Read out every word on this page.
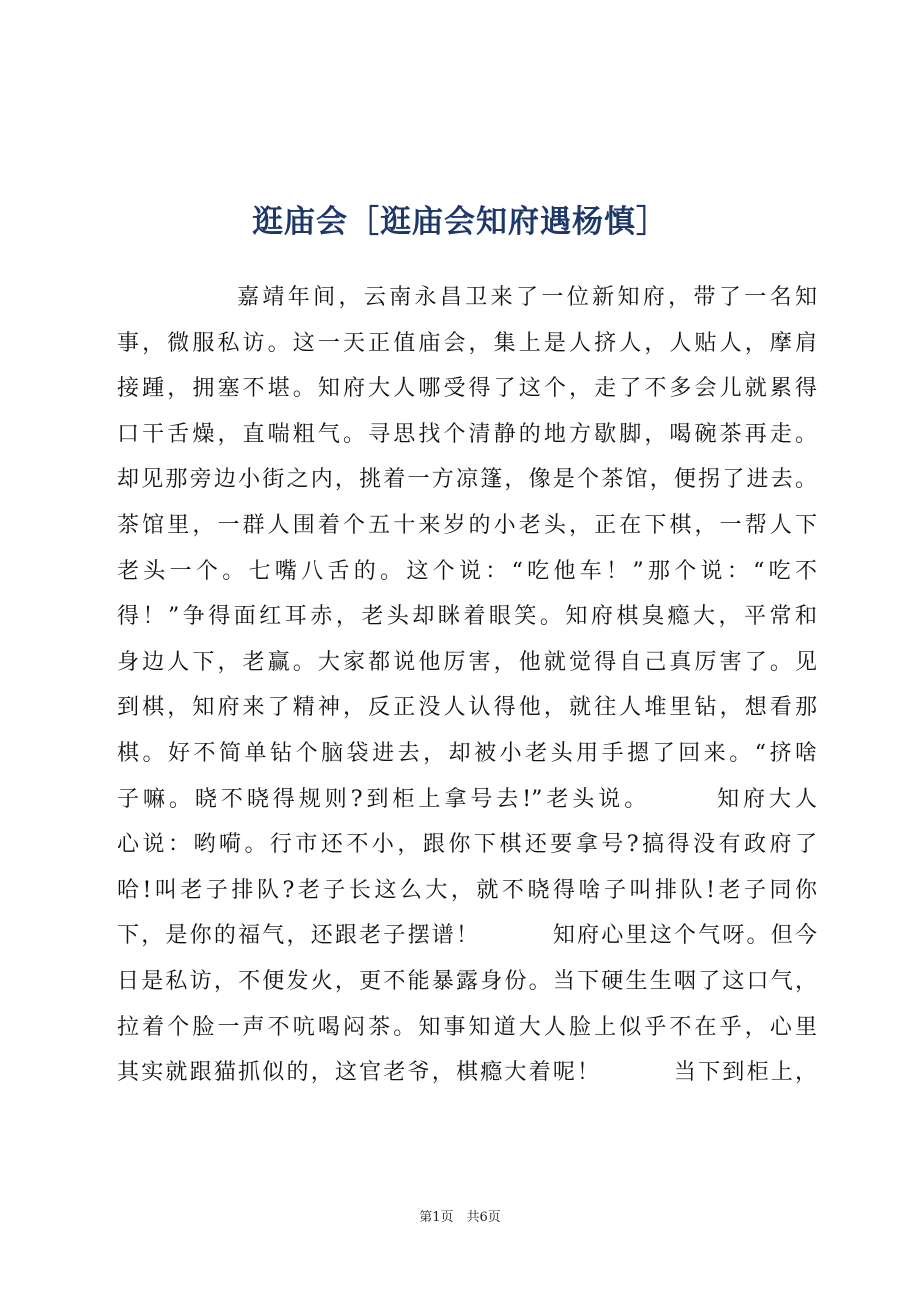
逛庙会［逛庙会知府遇杨慎］
嘉靖年间，云南永昌卫来了一位新知府，带了一名知
事，微服私访。这一天正值庙会，集上是人挤人，人贴人，摩肩
接踵，拥塞不堪。知府大人哪受得了这个，走了不多会儿就累得
口干舌燥，直喘粗气。寻思找个清静的地方歇脚，喝碗茶再走。
却见那旁边小街之内，挑着一方凉篷，像是个茶馆，便拐了进去。
茶馆里，一群人围着个五十来岁的小老头，正在下棋，一帮人下
老头一个。七嘴八舌的。这个说：“吃他车！”那个说：“吃不
得！”争得面红耳赤，老头却眯着眼笑。知府棋臭瘾大，平常和
身边人下，老赢。大家都说他厉害，他就觉得自己真厉害了。见
到棋，知府来了精神，反正没人认得他，就往人堆里钻，想看那
棋。好不简单钻个脑袋进去，却被小老头用手摁了回来。“挤啥
子嘛。晓不晓得规则?到柜上拿号去!”老头说。　　　知府大人
心说：哟嗬。行市还不小，跟你下棋还要拿号?搞得没有政府了
哈!叫老子排队?老子长这么大，就不晓得啥子叫排队!老子同你
下，是你的福气，还跟老子摆谱！　　　知府心里这个气呀。但今
日是私访，不便发火，更不能暴露身份。当下硬生生咽了这口气，
拉着个脸一声不吭喝闷茶。知事知道大人脸上似乎不在乎，心里
其实就跟猫抓似的，这官老爷，棋瘾大着呢！　　　当下到柜上，
第1页　共6页
